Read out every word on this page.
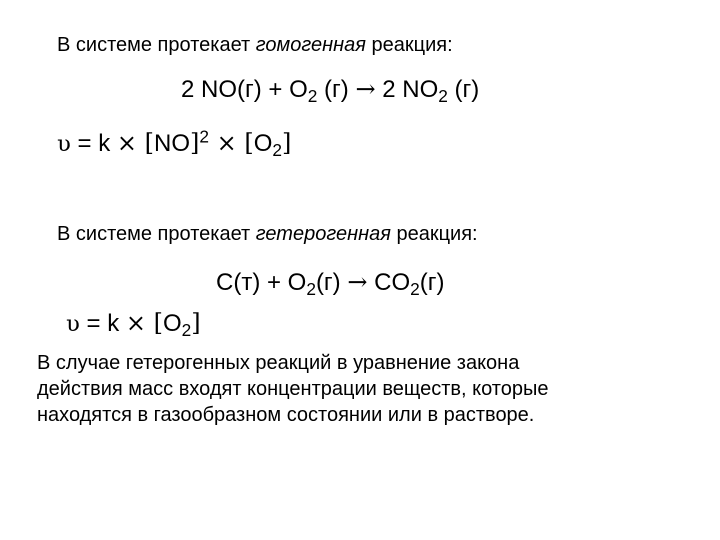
В системе протекает гомогенная реакция:
2 $NO(г) + O_2$ (г) → 2 $NO_2$ (г)
$\upsilon = k \times [NO]^2 \times [O_2]$
В системе протекает гетерогенная реакция:
$C(т) + O_2(г) \to CO_2(г)$
$\upsilon = k \times [O_2]$
В случае гетерогенных реакций в уравнение закона
действия масс входят концентрации веществ, которые
находятся в газообразном состоянии или в растворе.
